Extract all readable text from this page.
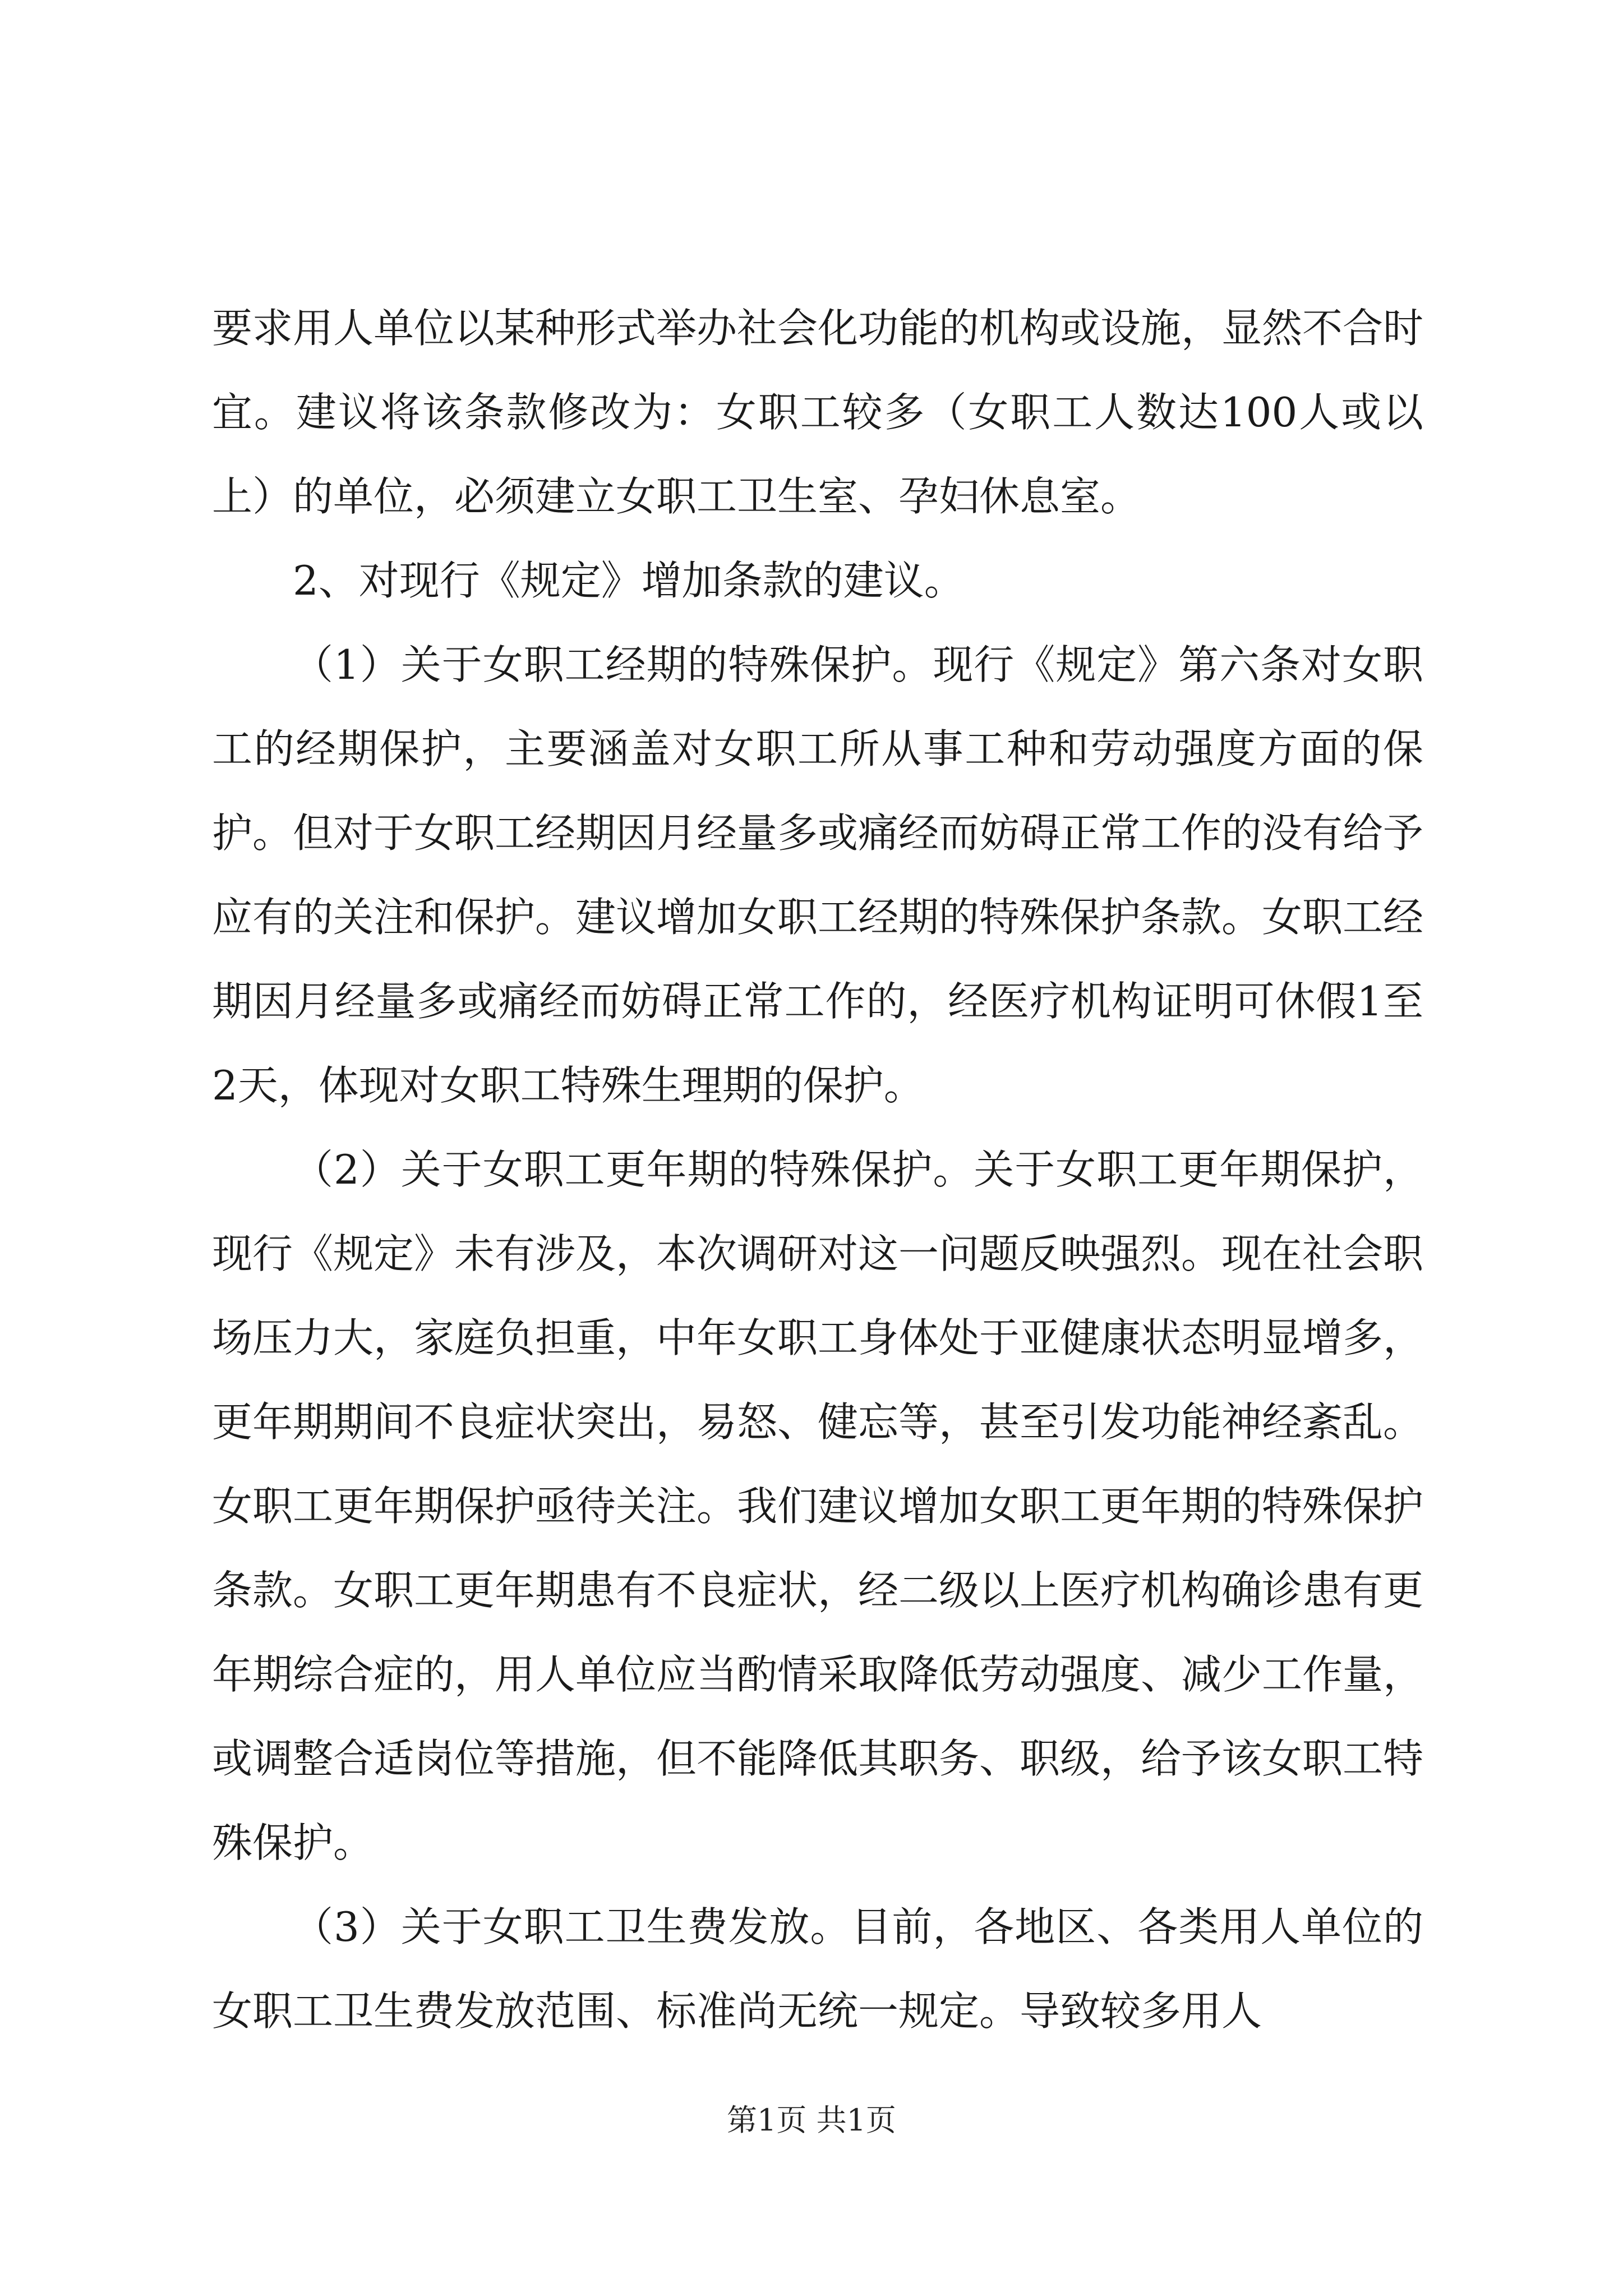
要求用人单位以某种形式举办社会化功能的机构或设施，显然不合时宜。建议将该条款修改为：女职工较多（女职工人数达100人或以上）的单位，必须建立女职工卫生室、孕妇休息室。

2、对现行《规定》增加条款的建议。

（1）关于女职工经期的特殊保护。现行《规定》第六条对女职工的经期保护，主要涵盖对女职工所从事工种和劳动强度方面的保护。但对于女职工经期因月经量多或痛经而妨碍正常工作的没有给予应有的关注和保护。建议增加女职工经期的特殊保护条款。女职工经期因月经量多或痛经而妨碍正常工作的，经医疗机构证明可休假1至2天，体现对女职工特殊生理期的保护。

（2）关于女职工更年期的特殊保护。关于女职工更年期保护，现行《规定》未有涉及，本次调研对这一问题反映强烈。现在社会职场压力大，家庭负担重，中年女职工身体处于亚健康状态明显增多，更年期期间不良症状突出，易怒、健忘等，甚至引发功能神经紊乱。女职工更年期保护亟待关注。我们建议增加女职工更年期的特殊保护条款。女职工更年期患有不良症状，经二级以上医疗机构确诊患有更年期综合症的，用人单位应当酌情采取降低劳动强度、减少工作量，或调整合适岗位等措施，但不能降低其职务、职级，给予该女职工特殊保护。

（3）关于女职工卫生费发放。目前，各地区、各类用人单位的女职工卫生费发放范围、标准尚无统一规定。导致较多用人

第1页 共1页
